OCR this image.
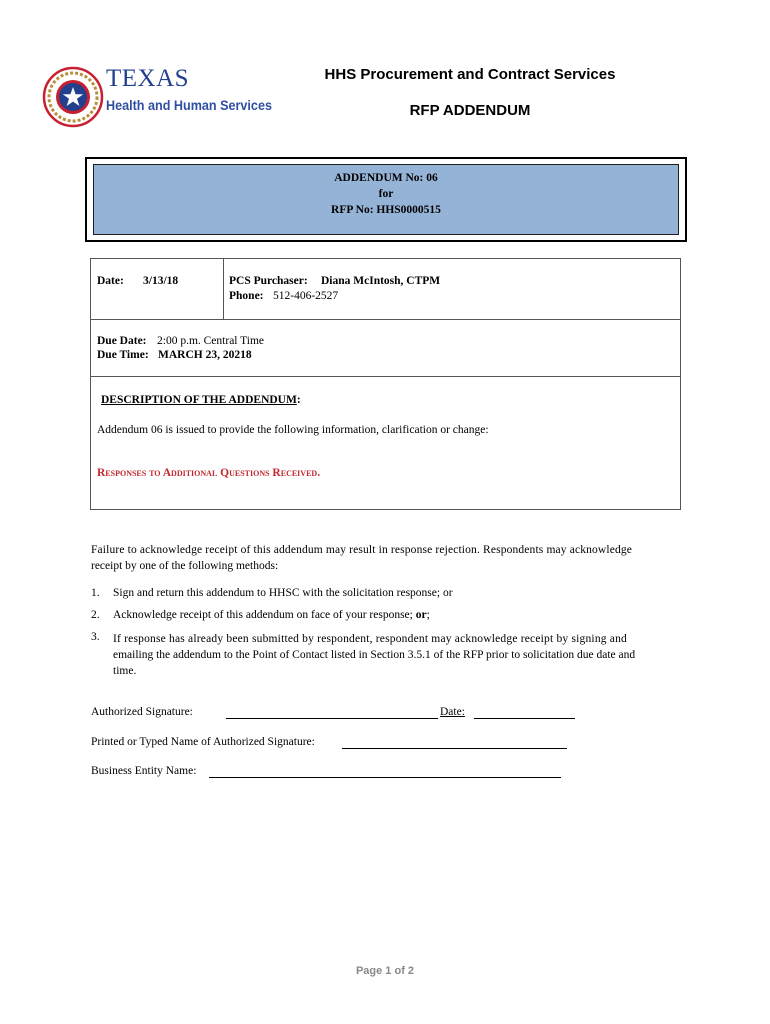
TEXAS
Health and Human Services
HHS Procurement and Contract Services
RFP ADDENDUM
ADDENDUM No: 06
for
RFP No: HHS0000515
Date: 3/13/18	PCS Purchaser: Diana McIntosh, CTPM
Phone: 512-406-2527
Due Date: 2:00 p.m. Central Time
Due Time: MARCH 23, 20218
DESCRIPTION OF THE ADDENDUM:
Addendum 06 is issued to provide the following information, clarification or change:
Responses to Additional Questions Received.
Failure to acknowledge receipt of this addendum may result in response rejection. Respondents may acknowledge
receipt by one of the following methods:
1. Sign and return this addendum to HHSC with the solicitation response; or
2. Acknowledge receipt of this addendum on face of your response; or;
3. If response has already been submitted by respondent, respondent may acknowledge receipt by signing and
emailing the addendum to the Point of Contact listed in Section 3.5.1 of the RFP prior to solicitation due date and
time.
Authorized Signature:	Date:
Printed or Typed Name of Authorized Signature:
Business Entity Name:
Page 1 of 2
